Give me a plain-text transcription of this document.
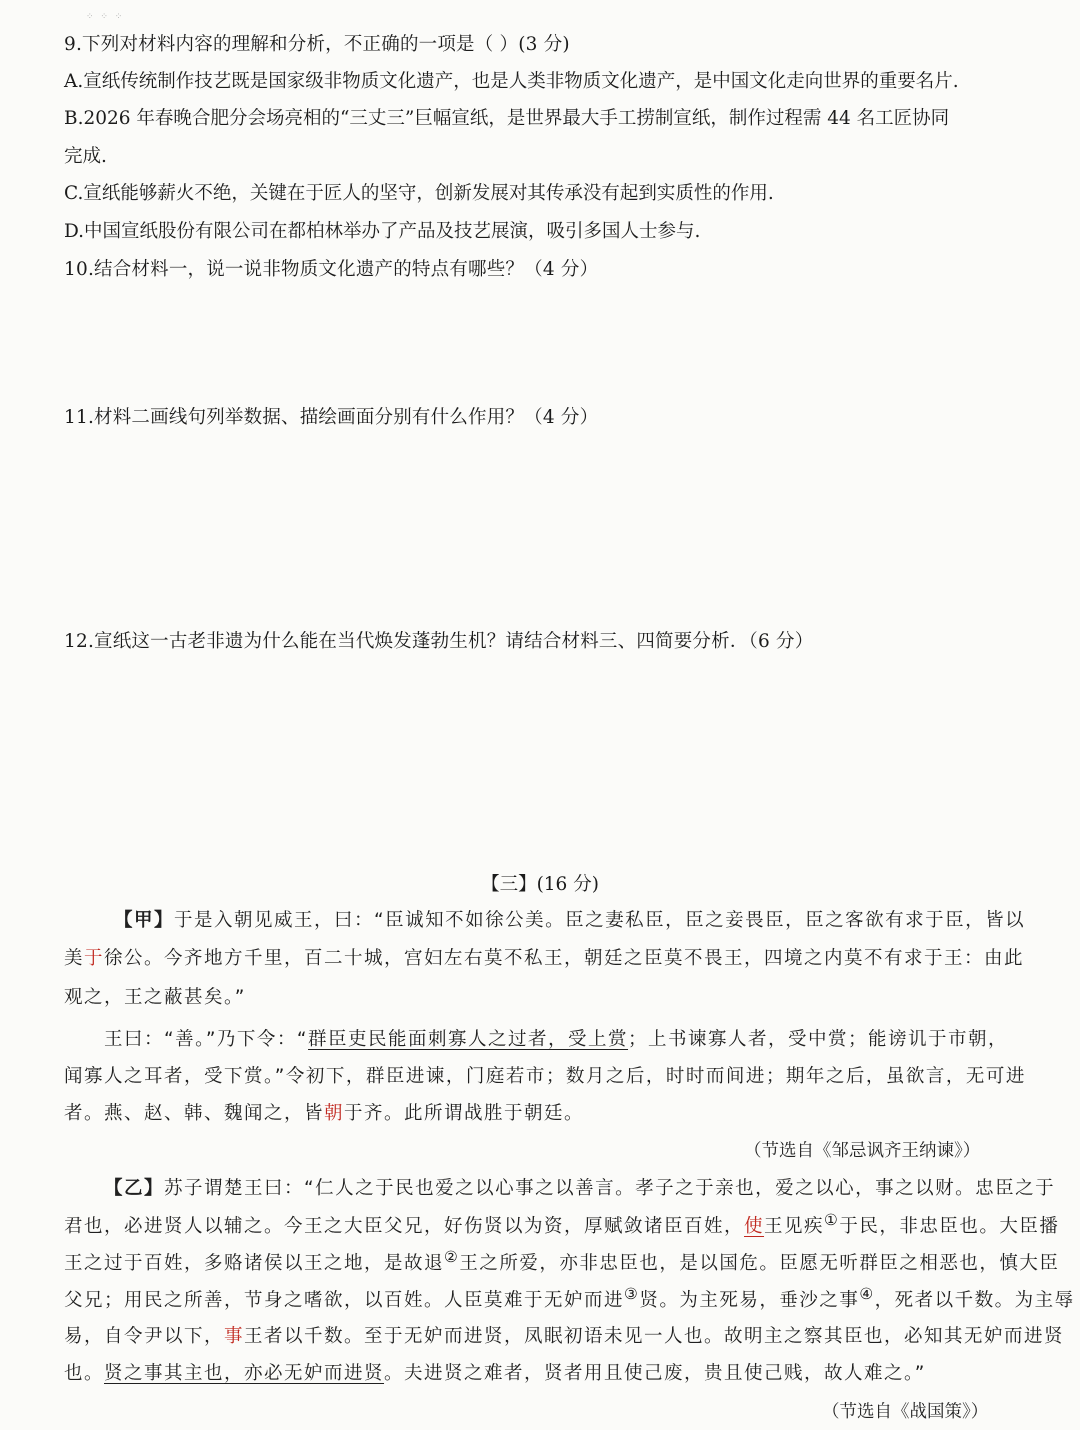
⁘ ⁘ ⁘
9.下列对材料内容的理解和分析，不正确的一项是（ ）(3 分)
A.宣纸传统制作技艺既是国家级非物质文化遗产，也是人类非物质文化遗产，是中国文化走向世界的重要名片.
B.2026 年春晚合肥分会场亮相的“三丈三”巨幅宣纸，是世界最大手工捞制宣纸，制作过程需 44 名工匠协同
完成.
C.宣纸能够薪火不绝，关键在于匠人的坚守，创新发展对其传承没有起到实质性的作用.
D.中国宣纸股份有限公司在都柏林举办了产品及技艺展演，吸引多国人士参与.
10.结合材料一，说一说非物质文化遗产的特点有哪些？（4 分）
11.材料二画线句列举数据、描绘画面分别有什么作用？（4 分）
12.宣纸这一古老非遗为什么能在当代焕发蓬勃生机？请结合材料三、四简要分析．（6 分）
【三】(16 分)
【甲】于是入朝见威王，曰：“臣诚知不如徐公美。臣之妻私臣，臣之妾畏臣，臣之客欲有求于臣，皆以
美于徐公。今齐地方千里，百二十城，宫妇左右莫不私王，朝廷之臣莫不畏王，四境之内莫不有求于王：由此
观之，王之蔽甚矣。”
王曰：“善。”乃下令：“群臣吏民能面刺寡人之过者，受上赏；上书谏寡人者，受中赏；能谤讥于市朝，
闻寡人之耳者，受下赏。”令初下，群臣进谏，门庭若市；数月之后，时时而间进；期年之后，虽欲言，无可进
者。燕、赵、韩、魏闻之，皆朝于齐。此所谓战胜于朝廷。
（节选自《邹忌讽齐王纳谏》）
【乙】苏子谓楚王曰：“仁人之于民也爱之以心事之以善言。孝子之于亲也，爱之以心，事之以财。忠臣之于
君也，必进贤人以辅之。今王之大臣父兄，好伤贤以为资，厚赋敛诸臣百姓，使王见疾①于民，非忠臣也。大臣播
王之过于百姓，多赂诸侯以王之地，是故退②王之所爱，亦非忠臣也，是以国危。臣愿无听群臣之相恶也，慎大臣
父兄；用民之所善，节身之嗜欲，以百姓。人臣莫难于无妒而进③贤。为主死易，垂沙之事④，死者以千数。为主辱
易，自令尹以下，事王者以千数。至于无妒而进贤，凤眠初语未见一人也。故明主之察其臣也，必知其无妒而进贤
也。贤之事其主也，亦必无妒而进贤。夫进贤之难者，贤者用且使己废，贵且使己贱，故人难之。”
（节选自《战国策》）
